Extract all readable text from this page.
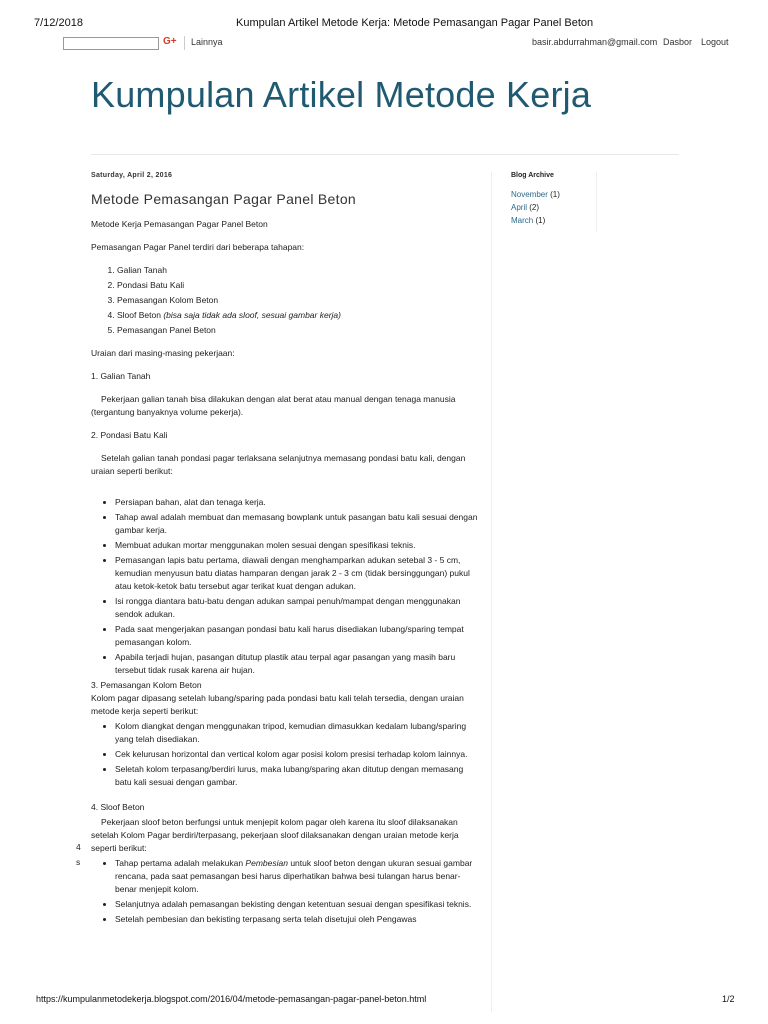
7/12/2018	Kumpulan Artikel Metode Kerja: Metode Pemasangan Pagar Panel Beton
G+ Lainnya	basir.abdurrahman@gmail.com Dasbor Logout
Kumpulan Artikel Metode Kerja
Saturday, April 2, 2016
Metode Pemasangan Pagar Panel Beton

Metode Kerja Pemasangan Pagar Panel Beton

Pemasangan Pagar Panel terdiri dari beberapa tahapan:

1. Galian Tanah
2. Pondasi Batu Kali
3. Pemasangan Kolom Beton
4. Sloof Beton (bisa saja tidak ada sloof, sesuai gambar kerja)
5. Pemasangan Panel Beton

Uraian dari masing-masing pekerjaan:

1. Galian Tanah

Pekerjaan galian tanah bisa dilakukan dengan alat berat atau manual dengan tenaga manusia (tergantung banyaknya volume pekerja).

2. Pondasi Batu Kali

Setelah galian tanah pondasi pagar terlaksana selanjutnya memasang pondasi batu kali, dengan uraian seperti berikut:

• Persiapan bahan, alat dan tenaga kerja.
• Tahap awal adalah membuat dan memasang bowplank untuk pasangan batu kali sesuai dengan gambar kerja.
• Membuat adukan mortar menggunakan molen sesuai dengan spesifikasi teknis.
• Pemasangan lapis batu pertama, diawali dengan menghamparkan adukan setebal 3 - 5 cm, kemudian menyusun batu diatas hamparan dengan jarak 2 - 3 cm (tidak bersinggungan) pukul atau ketok-ketok batu tersebut agar terikat kuat dengan adukan.
• Isi rongga diantara batu-batu dengan adukan sampai penuh/mampat dengan menggunakan sendok adukan.
• Pada saat mengerjakan pasangan pondasi batu kali harus disediakan lubang/sparing tempat pemasangan kolom.
• Apabila terjadi hujan, pasangan ditutup plastik atau terpal agar pasangan yang masih baru tersebut tidak rusak karena air hujan.

3. Pemasangan Kolom Beton

Kolom pagar dipasang setelah lubang/sparing pada pondasi batu kali telah tersedia, dengan uraian metode kerja seperti berikut:

• Kolom diangkat dengan menggunakan tripod, kemudian dimasukkan kedalam lubang/sparing yang telah disediakan.
• Cek kelurusan horizontal dan vertical kolom agar posisi kolom presisi terhadap kolom lainnya.
• Seletah kolom terpasang/berdiri lurus, maka lubang/sparing akan ditutup dengan memasang batu kali sesuai dengan gambar.

4. Sloof Beton

Pekerjaan sloof beton berfungsi untuk menjepit kolom pagar oleh karena itu sloof dilaksanakan setelah Kolom Pagar berdiri/terpasang, pekerjaan sloof dilaksanakan dengan uraian metode kerja seperti berikut:

• Tahap pertama adalah melakukan Pembesian untuk sloof beton dengan ukuran sesuai gambar rencana, pada saat pemasangan besi harus diperhatikan bahwa besi tulangan harus benar-benar menjepit kolom.
• Selanjutnya adalah pemasangan bekisting dengan ketentuan sesuai dengan spesifikasi teknis.
• Setelah pembesian dan bekisting terpasang serta telah disetujui oleh Pengawas
4
s
Blog Archive
November (1)
April (2)
March (1)
https://kumpulanmetodekerja.blogspot.com/2016/04/metode-pemasangan-pagar-panel-beton.html	1/2
